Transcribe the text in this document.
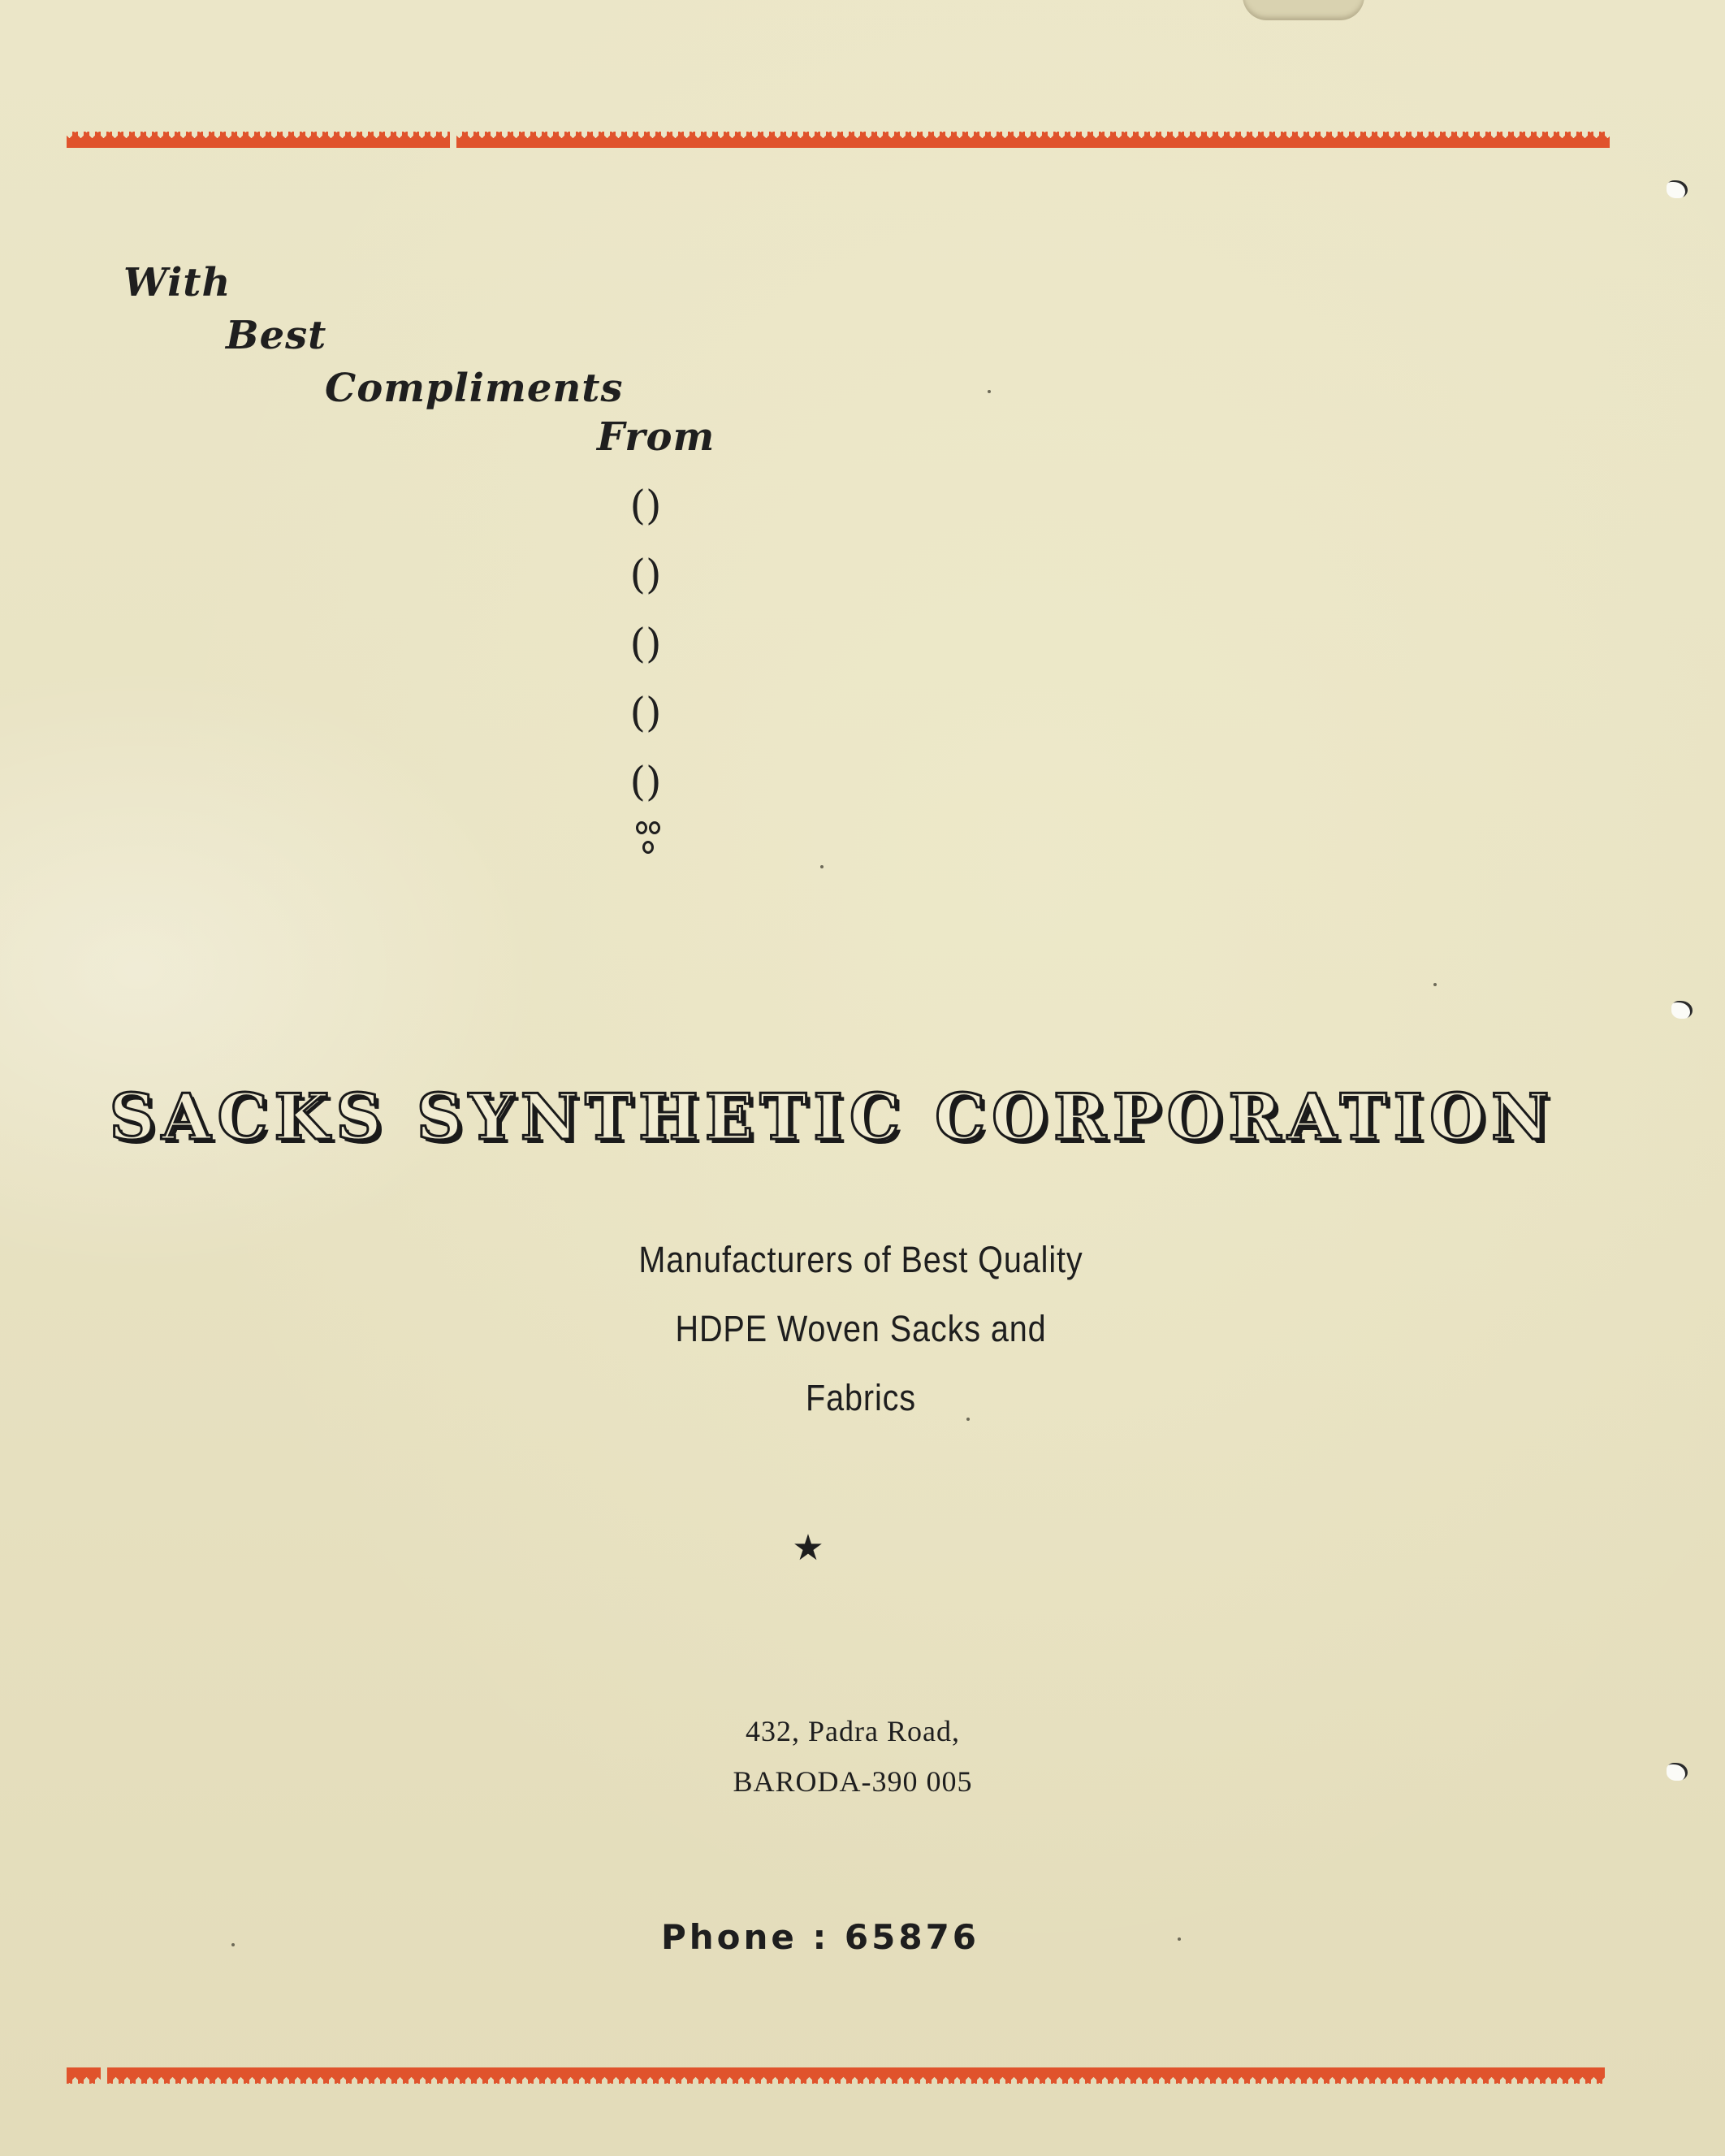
With
Best
Compliments
From
()
()
()
()
()
SACKS SYNTHETIC CORPORATION
Manufacturers of Best Quality
HDPE Woven Sacks and
Fabrics
★
432, Padra Road,
BARODA-390 005
Phone : 65876
